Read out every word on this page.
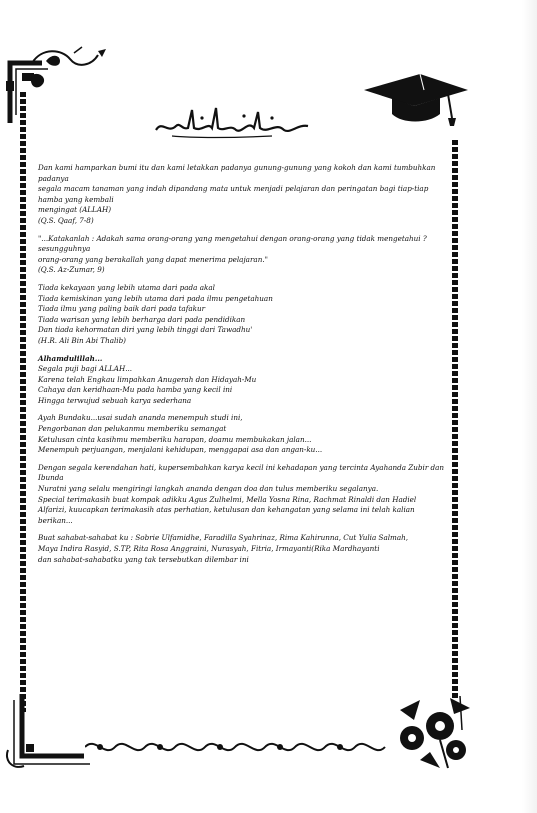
Dan kami hamparkan bumi itu dan kami letakkan padanya gunung-gunung yang kokoh dan kami tumbuhkan padanya
segala macam tanaman yang indah dipandang mata untuk menjadi pelajaran dan peringatan bagi tiap-tiap hamba yang kembali
mengingat (ALLAH)
(Q.S. Qaaf, 7-8)

"...Katakanlah : Adakah sama orang-orang yang mengetahui dengan orang-orang yang tidak mengetahui ? sesungguhnya
orang-orang yang berakallah yang dapat menerima pelajaran."
(Q.S. Az-Zumar, 9)

Tiada kekayaan yang lebih utama dari pada akal
Tiada kemiskinan yang lebih utama dari pada ilmu pengetahuan
Tiada ilmu yang paling baik dari pada tafakur
Tiada warisan yang lebih berharga dari pada pendidikan
Dan tiada kehormatan diri yang lebih tinggi dari Tawadhu'
(H.R. Ali Bin Abi Thalib)

Alhamdulillah...
Segala puji bagi ALLAH...
Karena telah Engkau limpahkan Anugerah dan Hidayah-Mu
Cahaya dan keridhaan-Mu pada hamba yang kecil ini
Hingga terwujud sebuah karya sederhana

Ayah Bundaku...usai sudah ananda menempuh studi ini,
Pengorbanan dan pelukanmu memberiku semangat
Ketulusan cinta kasihmu memberiku harapan, doamu membukakan jalan...
Menempuh perjuangan, menjalani kehidupan, menggapai asa dan angan-ku...

Dengan segala kerendahan hati, kupersembahkan karya kecil ini kehadapan yang tercinta Ayahanda Zubir dan Ibunda
Nuratni yang selalu mengiringi langkah ananda dengan doa dan tulus memberiku segalanya.
Special terimakasih buat kompak adikku Agus Zulhelmi, Mella Yosna Rina, Rachmat Rinaldi dan Hadiel
Alfarizi, kuucapkan terimakasih atas perhatian, ketulusan dan kehangatan yang selama ini telah kalian berikan...

Buat sahabat-sahabat ku : Sobrie Ulfamidhe, Faradilla Syahrinaz, Rima Kahirunna, Cut Yulia Salmah,
Maya Indira Rasyid, S.TP, Rita Rosa Anggraini, Nurasyah, Fitria, Irmayanti(Rika Mardhayanti
dan sahabat-sahabatku yang tak tersebutkan dilembar ini
